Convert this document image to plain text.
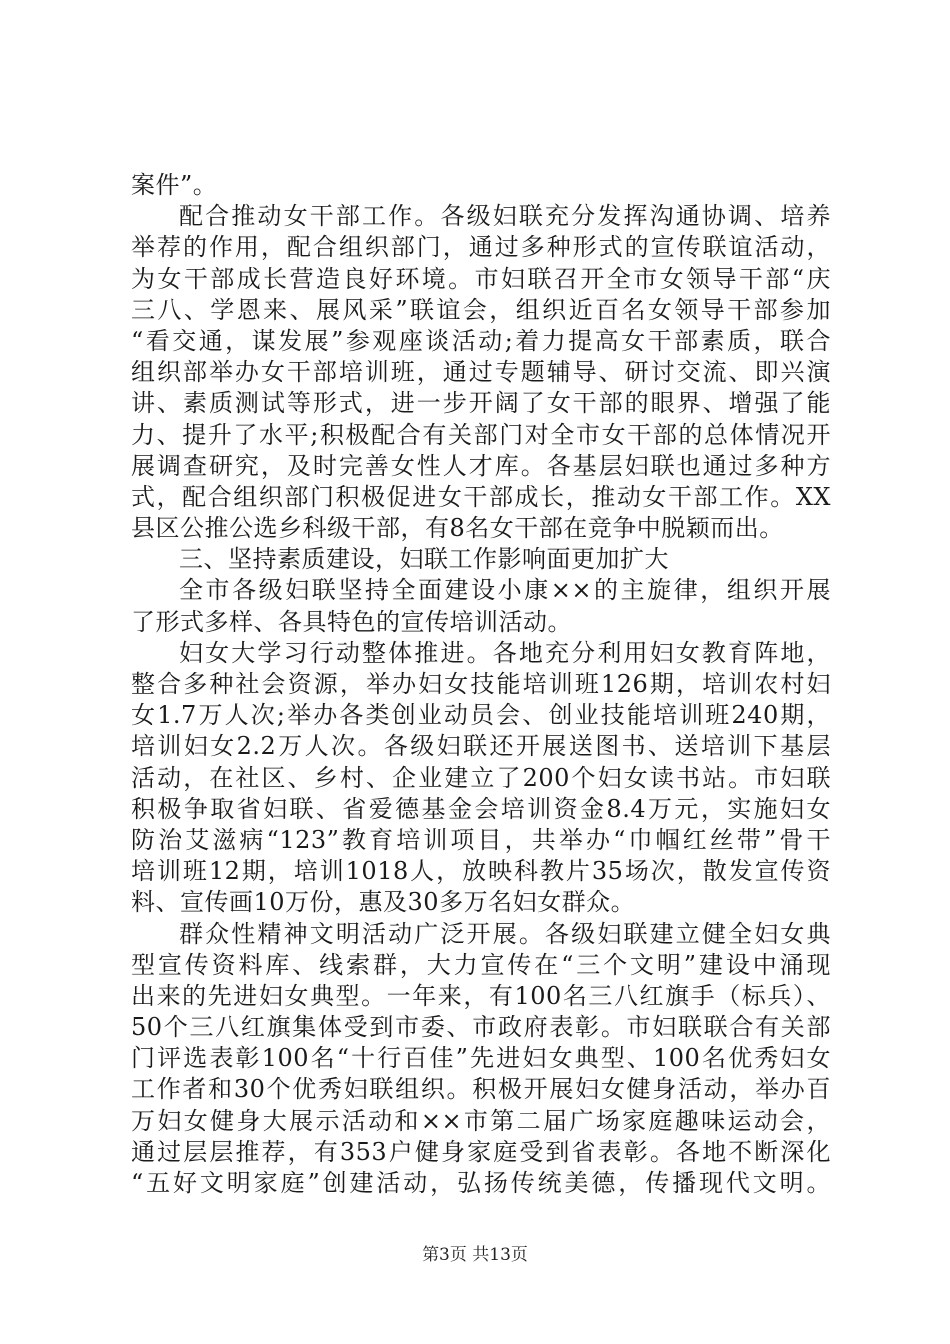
案件”。
配合推动女干部工作。各级妇联充分发挥沟通协调、培养
举荐的作用，配合组织部门，通过多种形式的宣传联谊活动，
为女干部成长营造良好环境。市妇联召开全市女领导干部“庆
三八、学恩来、展风采”联谊会，组织近百名女领导干部参加
“看交通，谋发展”参观座谈活动;着力提高女干部素质，联合
组织部举办女干部培训班，通过专题辅导、研讨交流、即兴演
讲、素质测试等形式，进一步开阔了女干部的眼界、增强了能
力、提升了水平;积极配合有关部门对全市女干部的总体情况开
展调查研究，及时完善女性人才库。各基层妇联也通过多种方
式，配合组织部门积极促进女干部成长，推动女干部工作。XX
县区公推公选乡科级干部，有8名女干部在竞争中脱颖而出。
三、坚持素质建设，妇联工作影响面更加扩大
全市各级妇联坚持全面建设小康××的主旋律，组织开展
了形式多样、各具特色的宣传培训活动。
妇女大学习行动整体推进。各地充分利用妇女教育阵地，
整合多种社会资源，举办妇女技能培训班126期，培训农村妇
女1.7万人次;举办各类创业动员会、创业技能培训班240期，
培训妇女2.2万人次。各级妇联还开展送图书、送培训下基层
活动，在社区、乡村、企业建立了200个妇女读书站。市妇联
积极争取省妇联、省爱德基金会培训资金8.4万元，实施妇女
防治艾滋病“123”教育培训项目，共举办“巾帼红丝带”骨干
培训班12期，培训1018人，放映科教片35场次，散发宣传资
料、宣传画10万份，惠及30多万名妇女群众。
群众性精神文明活动广泛开展。各级妇联建立健全妇女典
型宣传资料库、线索群，大力宣传在“三个文明”建设中涌现
出来的先进妇女典型。一年来，有100名三八红旗手（标兵）、
50个三八红旗集体受到市委、市政府表彰。市妇联联合有关部
门评选表彰100名“十行百佳”先进妇女典型、100名优秀妇女
工作者和30个优秀妇联组织。积极开展妇女健身活动，举办百
万妇女健身大展示活动和××市第二届广场家庭趣味运动会，
通过层层推荐，有353户健身家庭受到省表彰。各地不断深化
“五好文明家庭”创建活动，弘扬传统美德，传播现代文明。
第3页 共13页
